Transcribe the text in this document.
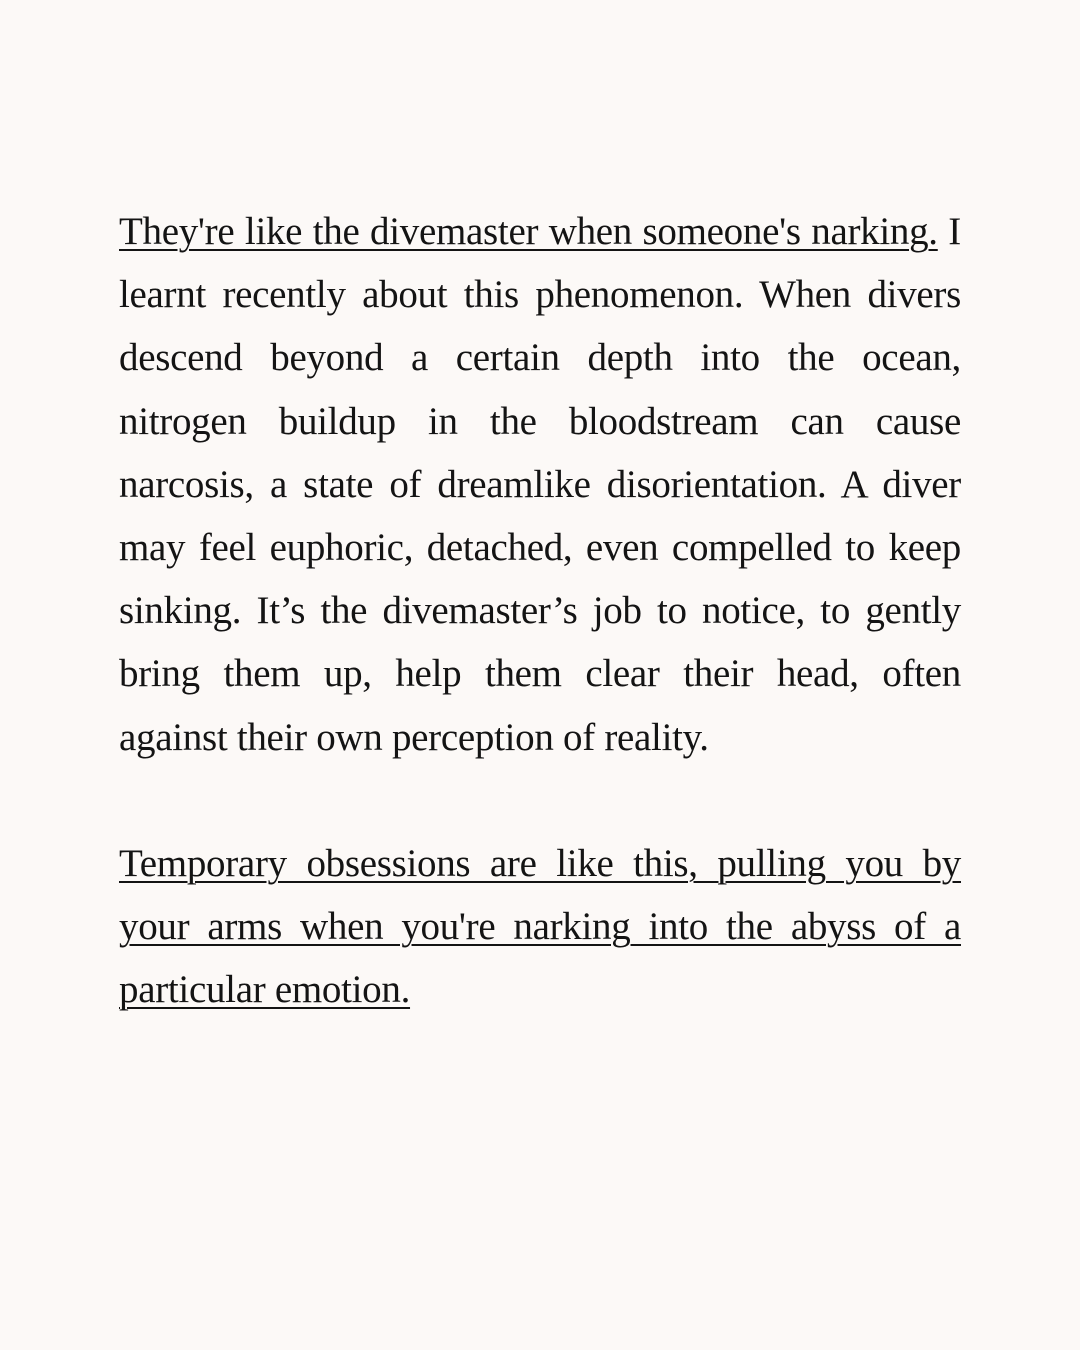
They're like the divemaster when someone's narking. I learnt recently about this phenomenon. When divers descend beyond a certain depth into the ocean, nitrogen buildup in the bloodstream can cause narcosis, a state of dreamlike disorientation. A diver may feel euphoric, detached, even compelled to keep sinking. It’s the divemaster’s job to notice, to gently bring them up, help them clear their head, often against their own perception of reality.

Temporary obsessions are like this, pulling you by your arms when you're narking into the abyss of a particular emotion.
